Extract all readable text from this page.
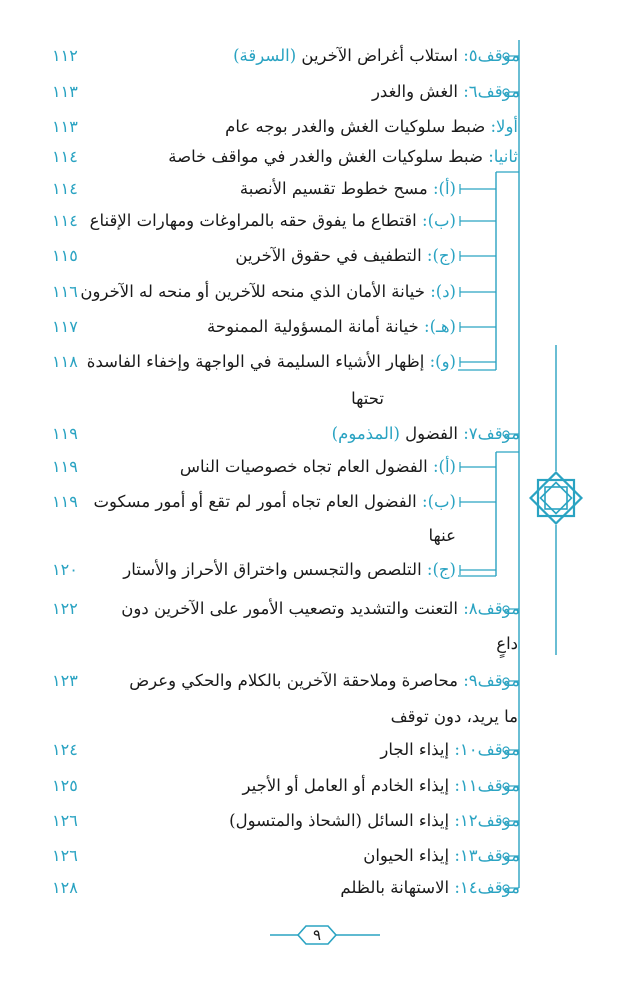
موقف٥: استلاب أغراض الآخرين (السرقة)
١١٢
موقف٦: الغش والغدر
١١٣
أولا: ضبط سلوكيات الغش والغدر بوجه عام
١١٣
ثانيا: ضبط سلوكيات الغش والغدر في مواقف خاصة
١١٤
(أ): مسح خطوط تقسيم الأنصبة
١١٤
(ب): اقتطاع ما يفوق حقه بالمراوغات ومهارات الإقناع
١١٤
(ج): التطفيف في حقوق الآخرين
١١٥
(د): خيانة الأمان الذي منحه للآخرين أو منحه له الآخرون
١١٦
(هـ): خيانة أمانة المسؤولية الممنوحة
١١٧
(و): إظهار الأشياء السليمة في الواجهة وإخفاء الفاسدة
١١٨
تحتها
موقف٧: الفضول (المذموم)
١١٩
(أ): الفضول العام تجاه خصوصيات الناس
١١٩
(ب): الفضول العام تجاه أمور لم تقع أو أمور مسكوت
١١٩
عنها
(ج): التلصص والتجسس واختراق الأحراز والأستار
١٢٠
موقف٨: التعنت والتشديد وتصعيب الأمور على الآخرين دون
١٢٢
داعٍ
موقف٩: محاصرة وملاحقة الآخرين بالكلام والحكي وعرض
١٢٣
ما يريد، دون توقف
موقف١٠: إيذاء الجار
١٢٤
موقف١١: إيذاء الخادم أو العامل أو الأجير
١٢٥
موقف١٢: إيذاء السائل (الشحاذ والمتسول)
١٢٦
موقف١٣: إيذاء الحيوان
١٢٦
موقف١٤: الاستهانة بالظلم
١٢٨
٩
